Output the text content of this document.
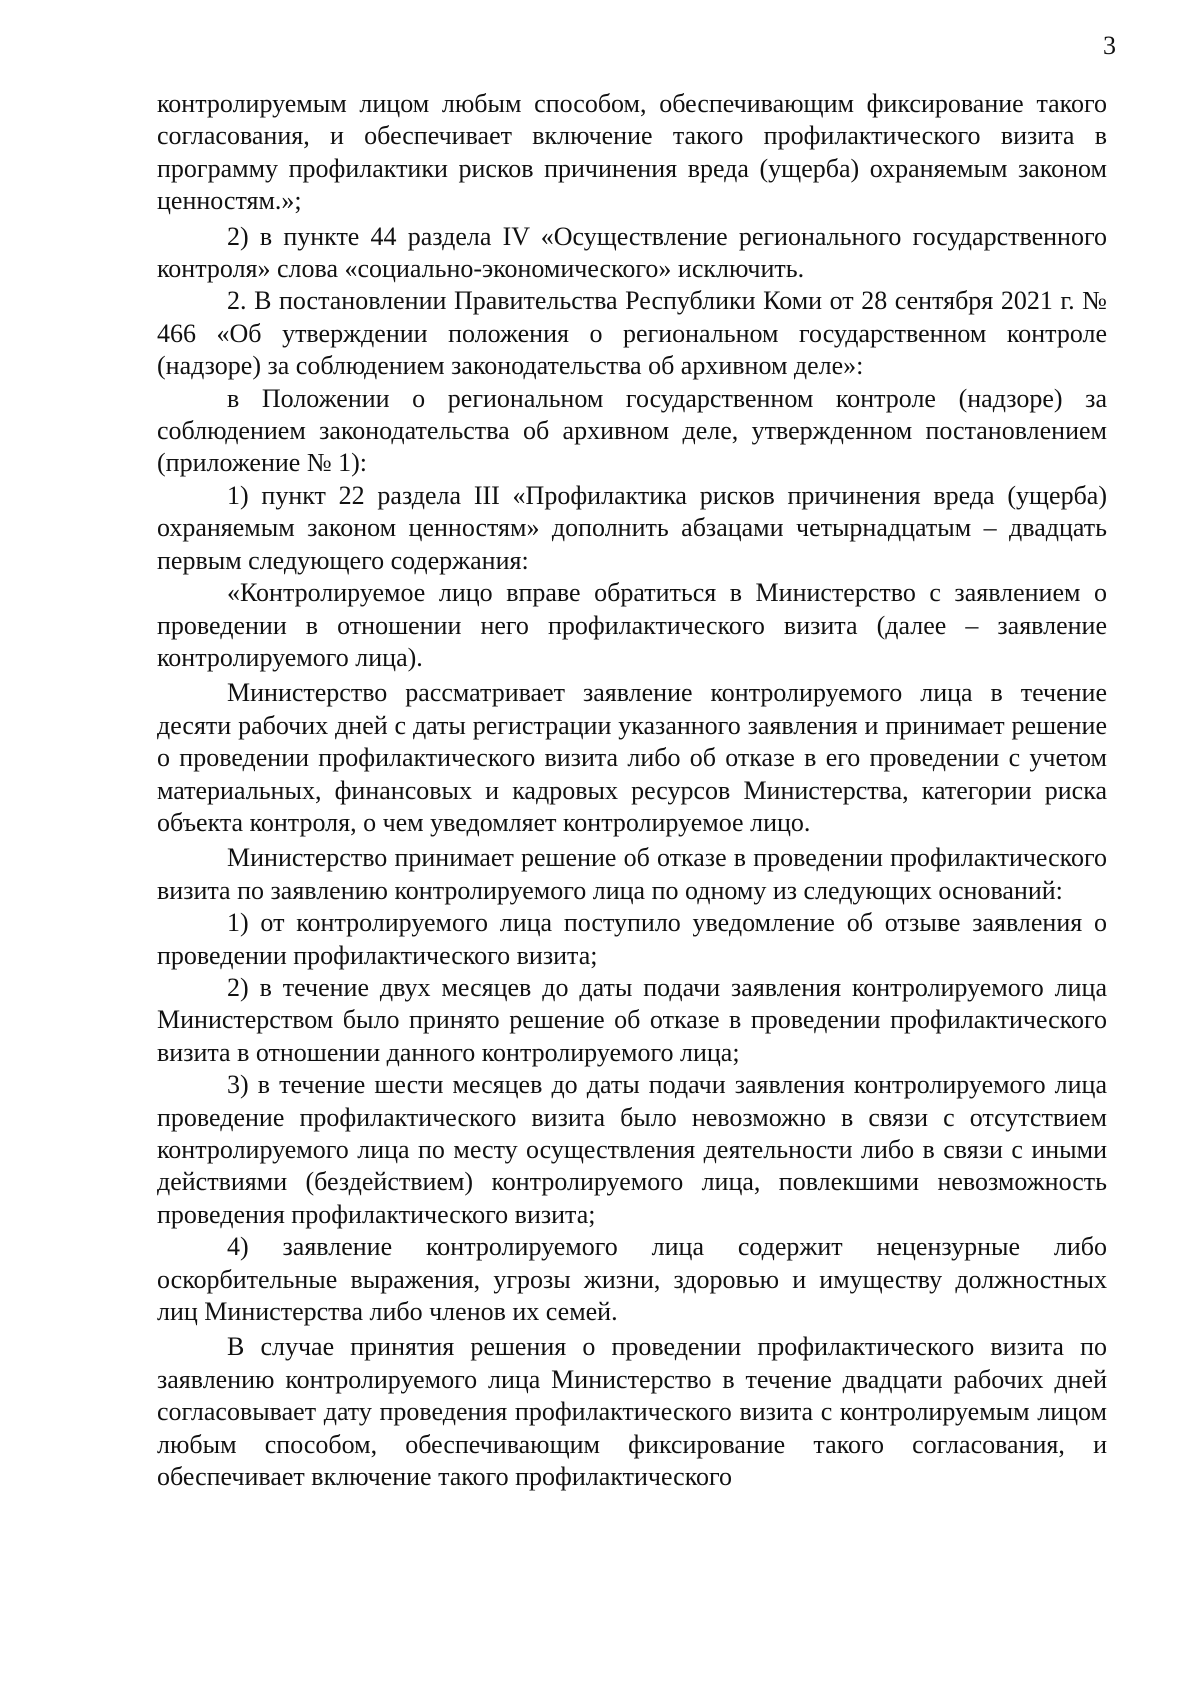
3

контролируемым лицом любым способом, обеспечивающим фиксирование такого согласования, и обеспечивает включение такого профилактического визита в программу профилактики рисков причинения вреда (ущерба) охраняемым законом ценностям.»;

2) в пункте 44 раздела IV «Осуществление регионального государственного контроля» слова «социально-экономического» исключить.

2. В постановлении Правительства Республики Коми от 28 сентября 2021 г. № 466 «Об утверждении положения о региональном государственном контроле (надзоре) за соблюдением законодательства об архивном деле»:

в Положении о региональном государственном контроле (надзоре) за соблюдением законодательства об архивном деле, утвержденном постановлением (приложение № 1):

1) пункт 22 раздела III «Профилактика рисков причинения вреда (ущерба) охраняемым законом ценностям» дополнить абзацами четырнадцатым – двадцать первым следующего содержания:

«Контролируемое лицо вправе обратиться в Министерство с заявлением о проведении в отношении него профилактического визита (далее – заявление контролируемого лица).

Министерство рассматривает заявление контролируемого лица в течение десяти рабочих дней с даты регистрации указанного заявления и принимает решение о проведении профилактического визита либо об отказе в его проведении с учетом материальных, финансовых и кадровых ресурсов Министерства, категории риска объекта контроля, о чем уведомляет контролируемое лицо.

Министерство принимает решение об отказе в проведении профилактического визита по заявлению контролируемого лица по одному из следующих оснований:

1) от контролируемого лица поступило уведомление об отзыве заявления о проведении профилактического визита;

2) в течение двух месяцев до даты подачи заявления контролируемого лица Министерством было принято решение об отказе в проведении профилактического визита в отношении данного контролируемого лица;

3) в течение шести месяцев до даты подачи заявления контролируемого лица проведение профилактического визита было невозможно в связи с отсутствием контролируемого лица по месту осуществления деятельности либо в связи с иными действиями (бездействием) контролируемого лица, повлекшими невозможность проведения профилактического визита;

4) заявление контролируемого лица содержит нецензурные либо оскорбительные выражения, угрозы жизни, здоровью и имуществу должностных лиц Министерства либо членов их семей.

В случае принятия решения о проведении профилактического визита по заявлению контролируемого лица Министерство в течение двадцати рабочих дней согласовывает дату проведения профилактического визита с контролируемым лицом любым способом, обеспечивающим фиксирование такого согласования, и обеспечивает включение такого профилактического
